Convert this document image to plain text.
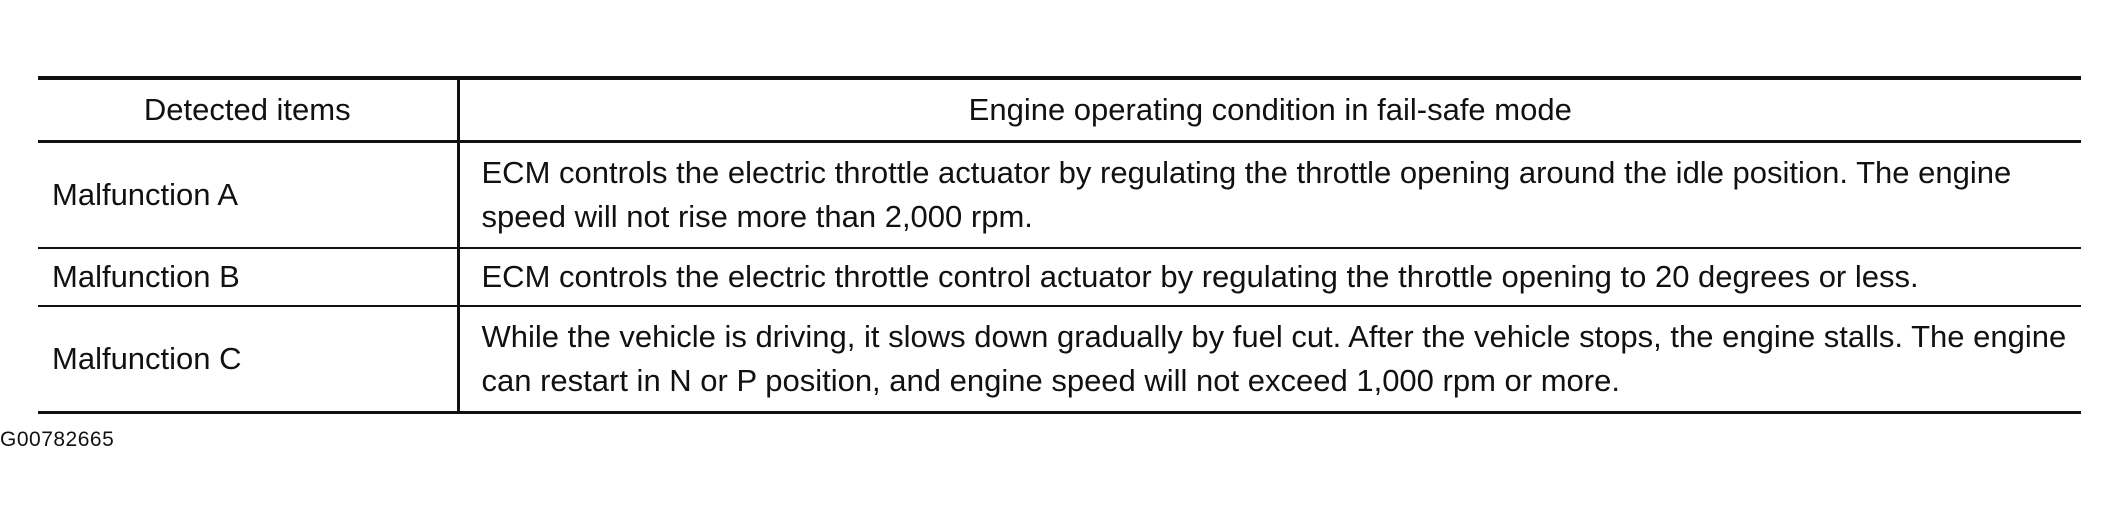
Detected items	Engine operating condition in fail-safe mode
Malfunction A	ECM controls the electric throttle actuator by regulating the throttle opening around the idle position. The engine speed will not rise more than 2,000 rpm.
Malfunction B	ECM controls the electric throttle control actuator by regulating the throttle opening to 20 degrees or less.
Malfunction C	While the vehicle is driving, it slows down gradually by fuel cut. After the vehicle stops, the engine stalls. The engine can restart in N or P position, and engine speed will not exceed 1,000 rpm or more.
G00782665
